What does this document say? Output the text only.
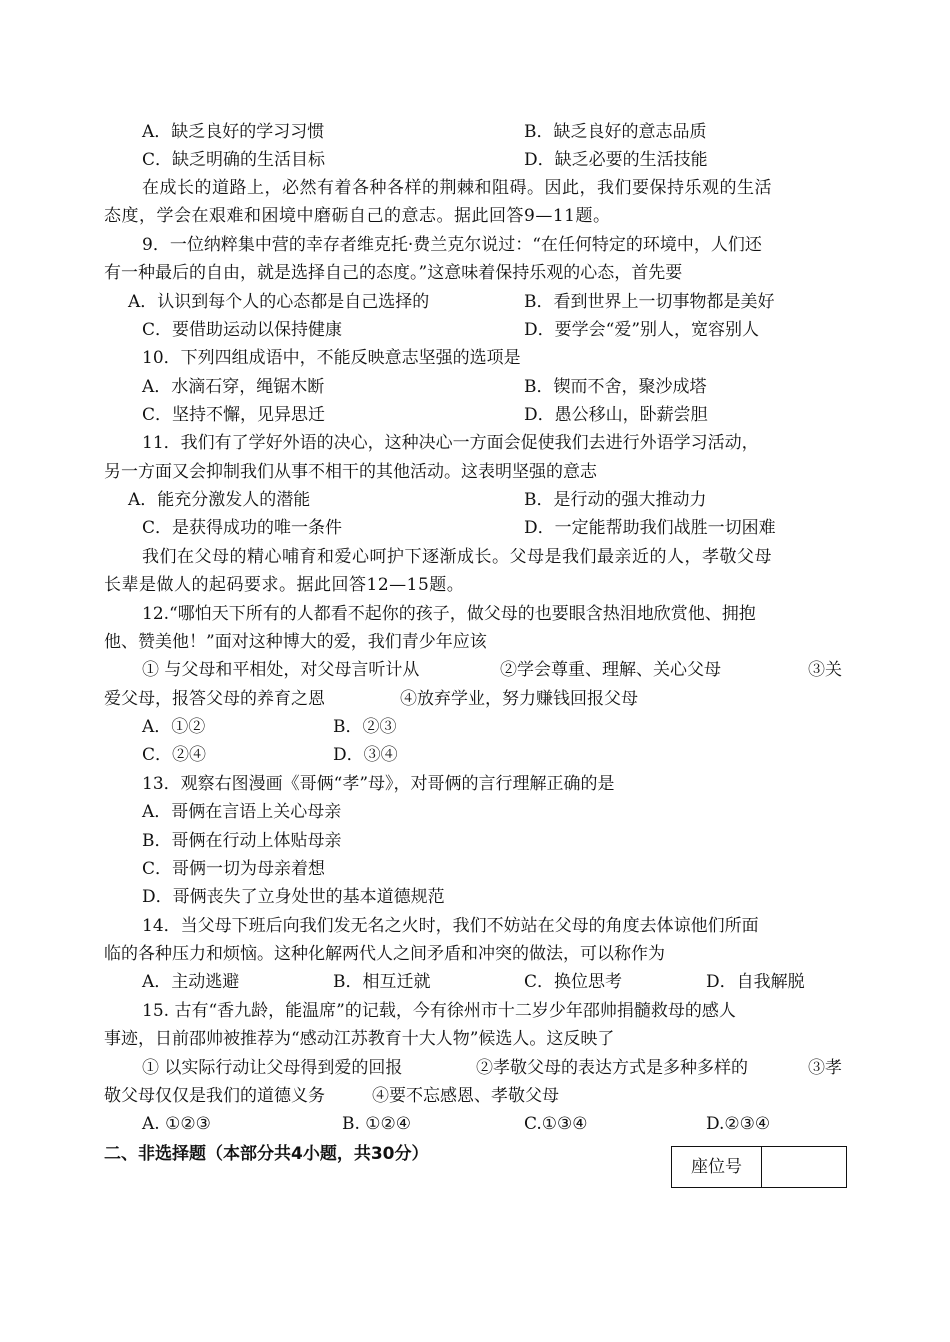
A．缺乏良好的学习习惯	B．缺乏良好的意志品质
C．缺乏明确的生活目标	D．缺乏必要的生活技能
在成长的道路上，必然有着各种各样的荆棘和阻碍。因此，我们要保持乐观的生活
态度，学会在艰难和困境中磨砺自己的意志。据此回答9—11题。
9．一位纳粹集中营的幸存者维克托·费兰克尔说过：“在任何特定的环境中，人们还
有一种最后的自由，就是选择自己的态度。”这意味着保持乐观的心态，首先要
A．认识到每个人的心态都是自己选择的	B．看到世界上一切事物都是美好
C．要借助运动以保持健康	D．要学会“爱”别人，宽容别人
10．下列四组成语中，不能反映意志坚强的选项是
A．水滴石穿，绳锯木断	B．锲而不舍，聚沙成塔
C．坚持不懈，见异思迁	D．愚公移山，卧薪尝胆
11．我们有了学好外语的决心，这种决心一方面会促使我们去进行外语学习活动，
另一方面又会抑制我们从事不相干的其他活动。这表明坚强的意志
A．能充分激发人的潜能	B．是行动的强大推动力
C．是获得成功的唯一条件	D．一定能帮助我们战胜一切困难
我们在父母的精心哺育和爱心呵护下逐渐成长。父母是我们最亲近的人，孝敬父母
长辈是做人的起码要求。据此回答12—15题。
12.“哪怕天下所有的人都看不起你的孩子，做父母的也要眼含热泪地欣赏他、拥抱
他、赞美他！”面对这种博大的爱，我们青少年应该
① 与父母和平相处，对父母言听计从	②学会尊重、理解、关心父母	③关
爱父母，报答父母的养育之恩	④放弃学业，努力赚钱回报父母
A．①②	B．②③
C．②④	D．③④
13．观察右图漫画《哥俩“孝”母》，对哥俩的言行理解正确的是
A．哥俩在言语上关心母亲
B．哥俩在行动上体贴母亲
C．哥俩一切为母亲着想
D．哥俩丧失了立身处世的基本道德规范
14．当父母下班后向我们发无名之火时，我们不妨站在父母的角度去体谅他们所面
临的各种压力和烦恼。这种化解两代人之间矛盾和冲突的做法，可以称作为
A．主动逃避	B．相互迁就	C．换位思考	D．自我解脱
15. 古有“香九龄，能温席”的记载，今有徐州市十二岁少年邵帅捐髓救母的感人
事迹，日前邵帅被推荐为“感动江苏教育十大人物”候选人。这反映了
① 以实际行动让父母得到爱的回报	②孝敬父母的表达方式是多种多样的	③孝
敬父母仅仅是我们的道德义务	④要不忘感恩、孝敬父母
A. ①②③	B. ①②④	C.①③④	D.②③④
二、非选择题（本部分共4小题，共30分）
座位号
